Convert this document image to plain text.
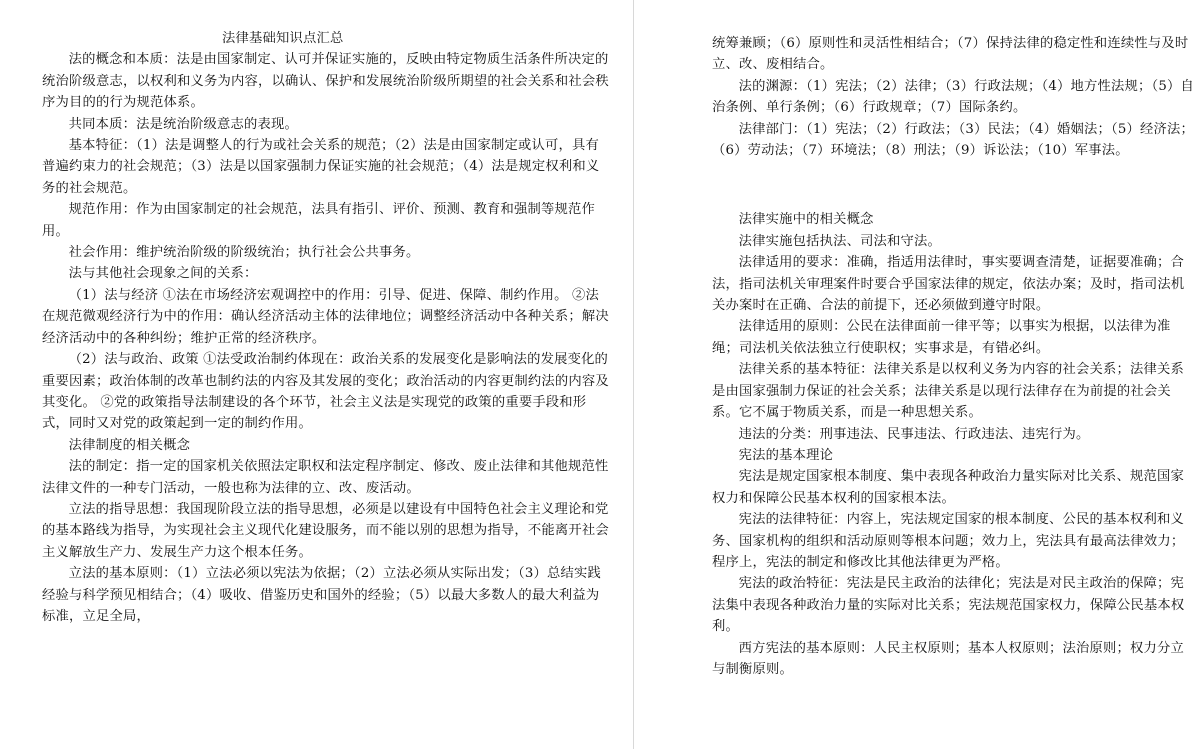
法律基础知识点汇总

法的概念和本质：法是由国家制定、认可并保证实施的，反映由特定物质生活条件所决定的统治阶级意志，以权利和义务为内容，以确认、保护和发展统治阶级所期望的社会关系和社会秩序为目的的行为规范体系。

共同本质：法是统治阶级意志的表现。

基本特征：（1）法是调整人的行为或社会关系的规范；（2）法是由国家制定或认可，具有普遍约束力的社会规范；（3）法是以国家强制力保证实施的社会规范；（4）法是规定权利和义务的社会规范。

规范作用：作为由国家制定的社会规范，法具有指引、评价、预测、教育和强制等规范作用。

社会作用：维护统治阶级的阶级统治；执行社会公共事务。

法与其他社会现象之间的关系：

（1）法与经济 ①法在市场经济宏观调控中的作用：引导、促进、保障、制约作用。 ②法在规范微观经济行为中的作用：确认经济活动主体的法律地位；调整经济活动中各种关系；解决经济活动中的各种纠纷；维护正常的经济秩序。

（2）法与政治、政策 ①法受政治制约体现在：政治关系的发展变化是影响法的发展变化的重要因素；政治体制的改革也制约法的内容及其发展的变化；政治活动的内容更制约法的内容及其变化。 ②党的政策指导法制建设的各个环节，社会主义法是实现党的政策的重要手段和形式，同时又对党的政策起到一定的制约作用。

法律制度的相关概念

法的制定：指一定的国家机关依照法定职权和法定程序制定、修改、废止法律和其他规范性法律文件的一种专门活动，一般也称为法律的立、改、废活动。

立法的指导思想：我国现阶段立法的指导思想，必须是以建设有中国特色社会主义理论和党的基本路线为指导，为实现社会主义现代化建设服务，而不能以别的思想为指导，不能离开社会主义解放生产力、发展生产力这个根本任务。

立法的基本原则：（1）立法必须以宪法为依据；（2）立法必须从实际出发；（3）总结实践经验与科学预见相结合；（4）吸收、借鉴历史和国外的经验；（5）以最大多数人的最大利益为标准，立足全局，

统筹兼顾；（6）原则性和灵活性相结合；（7）保持法律的稳定性和连续性与及时立、改、废相结合。

法的渊源：（1）宪法；（2）法律；（3）行政法规；（4）地方性法规；（5）自治条例、单行条例；（6）行政规章；（7）国际条约。

法律部门：（1）宪法；（2）行政法；（3）民法；（4）婚姻法；（5）经济法；（6）劳动法；（7）环境法；（8）刑法；（9）诉讼法；（10）军事法。

法律实施中的相关概念

法律实施包括执法、司法和守法。

法律适用的要求：准确，指适用法律时，事实要调查清楚，证据要准确；合法，指司法机关审理案件时要合乎国家法律的规定，依法办案；及时，指司法机关办案时在正确、合法的前提下，还必须做到遵守时限。

法律适用的原则：公民在法律面前一律平等；以事实为根据，以法律为准绳；司法机关依法独立行使职权；实事求是，有错必纠。

法律关系的基本特征：法律关系是以权利义务为内容的社会关系；法律关系是由国家强制力保证的社会关系；法律关系是以现行法律存在为前提的社会关系。它不属于物质关系，而是一种思想关系。

违法的分类：刑事违法、民事违法、行政违法、违宪行为。

宪法的基本理论

宪法是规定国家根本制度、集中表现各种政治力量实际对比关系、规范国家权力和保障公民基本权利的国家根本法。

宪法的法律特征：内容上，宪法规定国家的根本制度、公民的基本权利和义务、国家机构的组织和活动原则等根本问题；效力上，宪法具有最高法律效力；程序上，宪法的制定和修改比其他法律更为严格。

宪法的政治特征：宪法是民主政治的法律化；宪法是对民主政治的保障；宪法集中表现各种政治力量的实际对比关系；宪法规范国家权力，保障公民基本权利。

西方宪法的基本原则：人民主权原则；基本人权原则；法治原则；权力分立与制衡原则。
